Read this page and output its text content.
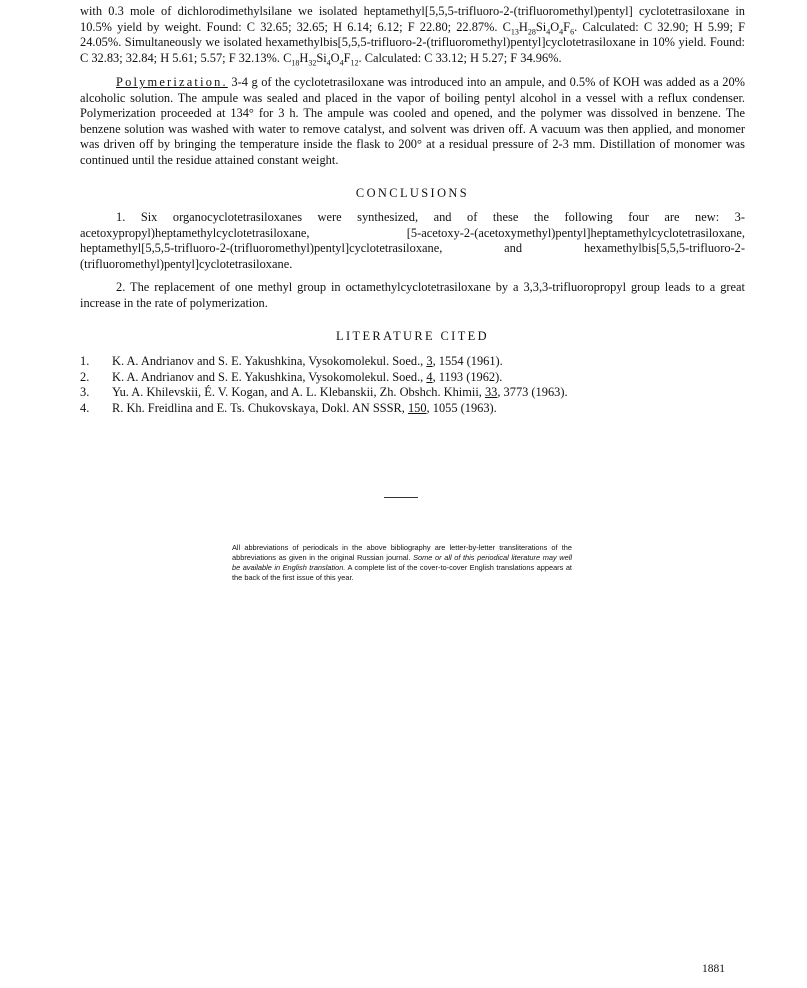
with 0.3 mole of dichlorodimethylsilane we isolated heptamethyl[5,5,5-trifluoro-2-(trifluoromethyl)pentyl] cyclotetrasiloxane in 10.5% yield by weight. Found: C 32.65; 32.65; H 6.14; 6.12; F 22.80; 22.87%. $C_{13}H_{28}Si_4O_4F_6$. Calculated: C 32.90; H 5.99; F 24.05%. Simultaneously we isolated hexamethylbis[5,5,5-trifluoro-2-(trifluoromethyl)pentyl]cyclotetrasiloxane in 10% yield. Found: C 32.83; 32.84; H 5.61; 5.57; F 32.13%. $C_{18}H_{32}Si_4O_4F_{12}$. Calculated: C 33.12; H 5.27; F 34.96%.

Polymerization. 3-4 g of the cyclotetrasiloxane was introduced into an ampule, and 0.5% of KOH was added as a 20% alcoholic solution. The ampule was sealed and placed in the vapor of boiling pentyl alcohol in a vessel with a reflux condenser. Polymerization proceeded at 134° for 3 h. The ampule was cooled and opened, and the polymer was dissolved in benzene. The benzene solution was washed with water to remove catalyst, and solvent was driven off. A vacuum was then applied, and monomer was driven off by bringing the temperature inside the flask to 200° at a residual pressure of 2-3 mm. Distillation of monomer was continued until the residue attained constant weight.

CONCLUSIONS

1. Six organocyclotetrasiloxanes were synthesized, and of these the following four are new: 3-acetoxypropyl)heptamethylcyclotetrasiloxane, [5-acetoxy-2-(acetoxymethyl)pentyl]heptamethylcyclotetrasiloxane, heptamethyl[5,5,5-trifluoro-2-(trifluoromethyl)pentyl]cyclotetrasiloxane, and hexamethylbis[5,5,5-trifluoro-2-(trifluoromethyl)pentyl]cyclotetrasiloxane.

2. The replacement of one methyl group in octamethylcyclotetrasiloxane by a 3,3,3-trifluoropropyl group leads to a great increase in the rate of polymerization.

LITERATURE CITED
1.	K. A. Andrianov and S. E. Yakushkina, Vysokomolekul. Soed., 3, 1554 (1961).
2.	K. A. Andrianov and S. E. Yakushkina, Vysokomolekul. Soed., 4, 1193 (1962).
3.	Yu. A. Khilevskii, É. V. Kogan, and A. L. Klebanskii, Zh. Obshch. Khimii, 33, 3773 (1963).
4.	R. Kh. Freidlina and E. Ts. Chukovskaya, Dokl. AN SSSR, 150, 1055 (1963).

All abbreviations of periodicals in the above bibliography are letter-by-letter transliterations of the abbreviations as given in the original Russian journal. Some or all of this periodical literature may well be available in English translation. A complete list of the cover-to-cover English translations appears at the back of the first issue of this year.

1881
